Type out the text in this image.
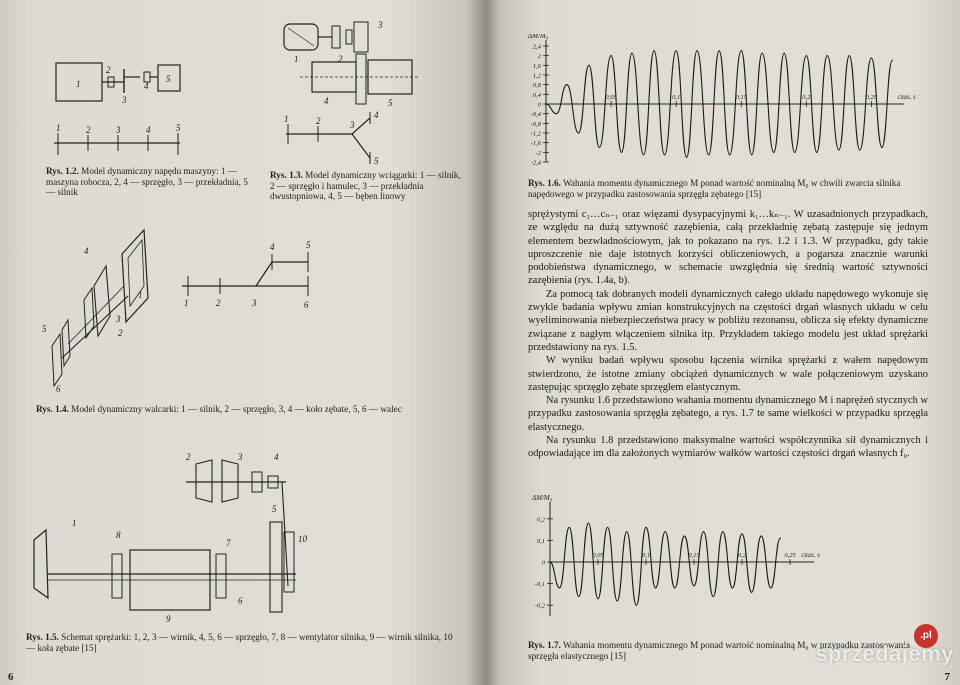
1
2
3
4
5
1	2	3	4	5
Rys. 1.2. Model dynamiczny napędu maszyny: 1 — maszyna robocza, 2, 4 — sprzęgło, 3 — przekładnia, 5 — silnik
1	2
3
4	5
1	2	3
4
5
Rys. 1.3. Model dynamiczny wciągarki: 1 — silnik, 2 — sprzęgło i hamulec, 3 — przekładnia dwustopniowa, 4, 5 — bęben linowy
1
2
3
4
5
6
1	2	3
4	5
6
Rys. 1.4. Model dynamiczny walcarki: 1 — silnik, 2 — sprzęgło, 3, 4 — koło zębate, 5, 6 — walec
2	3	4
5
1
8
7
9
10
6
Rys. 1.5. Schemat sprężarki: 1, 2, 3 — wirnik, 4, 5, 6 — sprzęgło, 7, 8 — wentylator silnika, 9 — wirnik silnika, 10 — koła zębate [15]
6
2,4
2
1,6
1,2
0,8
0,4
0
-0,4
-0,8
-1,2
-1,6
-2
-2,4
0,05	0,1	0,15	0,2	0,25
ΔM/M₀
czas, s
Rys. 1.6. Wahania momentu dynamicznego M ponad wartość nominalną M₀ w chwili zwarcia silnika napędowego w przypadku zastosowania sprzęgła zębatego [15]

sprężystymi c₁…cₙ₋₁ oraz więzami dysypacyjnymi k₁…kₙ₋₁. W uzasadnionych przypadkach, ze względu na dużą sztywność zazębienia, całą przekładnię zębatą zastępuje się jednym elementem bezwładnościowym, jak to pokazano na rys. 1.2 i 1.3. W przypadku, gdy takie uproszczenie nie daje istotnych korzyści obliczeniowych, a pogarsza znacznie warunki podobieństwa dynamicznego, w schemacie uwzględnia się średnią wartość sztywności zazębienia (rys. 1.4a, b).

Za pomocą tak dobranych modeli dynamicznych całego układu napędowego wykonuje się zwykle badania wpływu zmian konstrukcyjnych na częstości drgań własnych układu w celu wyeliminowania niebezpieczeństwa pracy w pobliżu rezonansu, oblicza się efekty dynamiczne związane z nagłym włączeniem silnika itp. Przykładem takiego modelu jest układ sprężarki przedstawiony na rys. 1.5.

W wyniku badań wpływu sposobu łączenia wirnika sprężarki z wałem napędowym stwierdzono, że istotne zmiany obciążeń dynamicznych w wale połączeniowym uzyskano zastępując sprzęgło zębate sprzęgłem elastycznym.

Na rysunku 1.6 przedstawiono wahania momentu dynamicznego M i naprężeń stycznych w przypadku zastosowania sprzęgła zębatego, a rys. 1.7 te same wielkości w przypadku sprzęgła elastycznego.

Na rysunku 1.8 przedstawiono maksymalne wartości współczynnika sił dynamicznych i odpowiadające im dla założonych wymiarów wałków wartości częstości drgań własnych f₀.

0,2
0,1
0
-0,1
-0,2
0,05	0,1	0,15	0,2	0,25
ΔM/M₀
czas, s
Rys. 1.7. Wahania momentu dynamicznego M ponad wartość nominalną M₀ w przypadku zastosowania sprzęgła elastycznego [15]
7
.pl
sprzedajemy
